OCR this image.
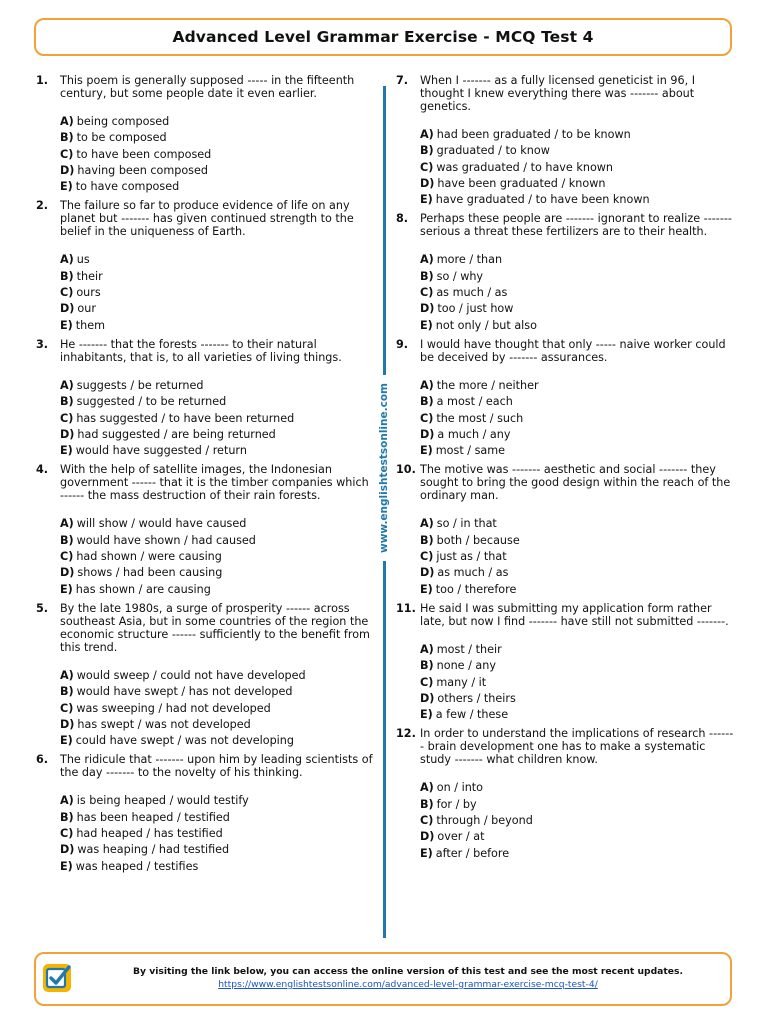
Advanced Level Grammar Exercise - MCQ Test 4
1.	This poem is generally supposed ----- in the fifteenth century, but some people date it even earlier.

A) being composed
B) to be composed
C) to have been composed
D) having been composed
E) to have composed
2.	The failure so far to produce evidence of life on any planet but ------- has given continued strength to the belief in the uniqueness of Earth.

A) us
B) their
C) ours
D) our
E) them
3.	He ------- that the forests ------- to their natural inhabitants, that is, to all varieties of living things.

A) suggests / be returned
B) suggested / to be returned
C) has suggested / to have been returned
D) had suggested / are being returned
E) would have suggested / return
4.	With the help of satellite images, the Indonesian government ------ that it is the timber companies which ------ the mass destruction of their rain forests.

A) will show / would have caused
B) would have shown / had caused
C) had shown / were causing
D) shows / had been causing
E) has shown / are causing
5.	By the late 1980s, a surge of prosperity ------ across southeast Asia, but in some countries of the region the economic structure ------ sufficiently to the benefit from this trend.

A) would sweep / could not have developed
B) would have swept / has not developed
C) was sweeping / had not developed
D) has swept / was not developed
E) could have swept / was not developing
6.	The ridicule that ------- upon him by leading scientists of the day ------- to the novelty of his thinking.

A) is being heaped / would testify
B) has been heaped / testified
C) had heaped / has testified
D) was heaping / had testified
E) was heaped / testifies
www.englishtestsonline.com
7.	When I ------- as a fully licensed geneticist in 96, I thought I knew everything there was ------- about genetics.

A) had been graduated / to be known
B) graduated / to know
C) was graduated / to have known
D) have been graduated / known
E) have graduated / to have been known
8.	Perhaps these people are ------- ignorant to realize ------- serious a threat these fertilizers are to their health.

A) more / than
B) so / why
C) as much / as
D) too / just how
E) not only / but also
9.	I would have thought that only ----- naive worker could be deceived by ------- assurances.

A) the more / neither
B) a most / each
C) the most / such
D) a much / any
E) most / same
10. The motive was ------- aesthetic and social ------- they sought to bring the good design within the reach of the ordinary man.

A) so / in that
B) both / because
C) just as / that
D) as much / as
E) too / therefore
11. He said I was submitting my application form rather late, but now I find ------- have still not submitted -------.

A) most / their
B) none / any
C) many / it
D) others / theirs
E) a few / these
12. In order to understand the implications of research ------- brain development one has to make a systematic study ------- what children know.

A) on / into
B) for / by
C) through / beyond
D) over / at
E) after / before
By visiting the link below, you can access the online version of this test and see the most recent updates.
https://www.englishtestsonline.com/advanced-level-grammar-exercise-mcq-test-4/
